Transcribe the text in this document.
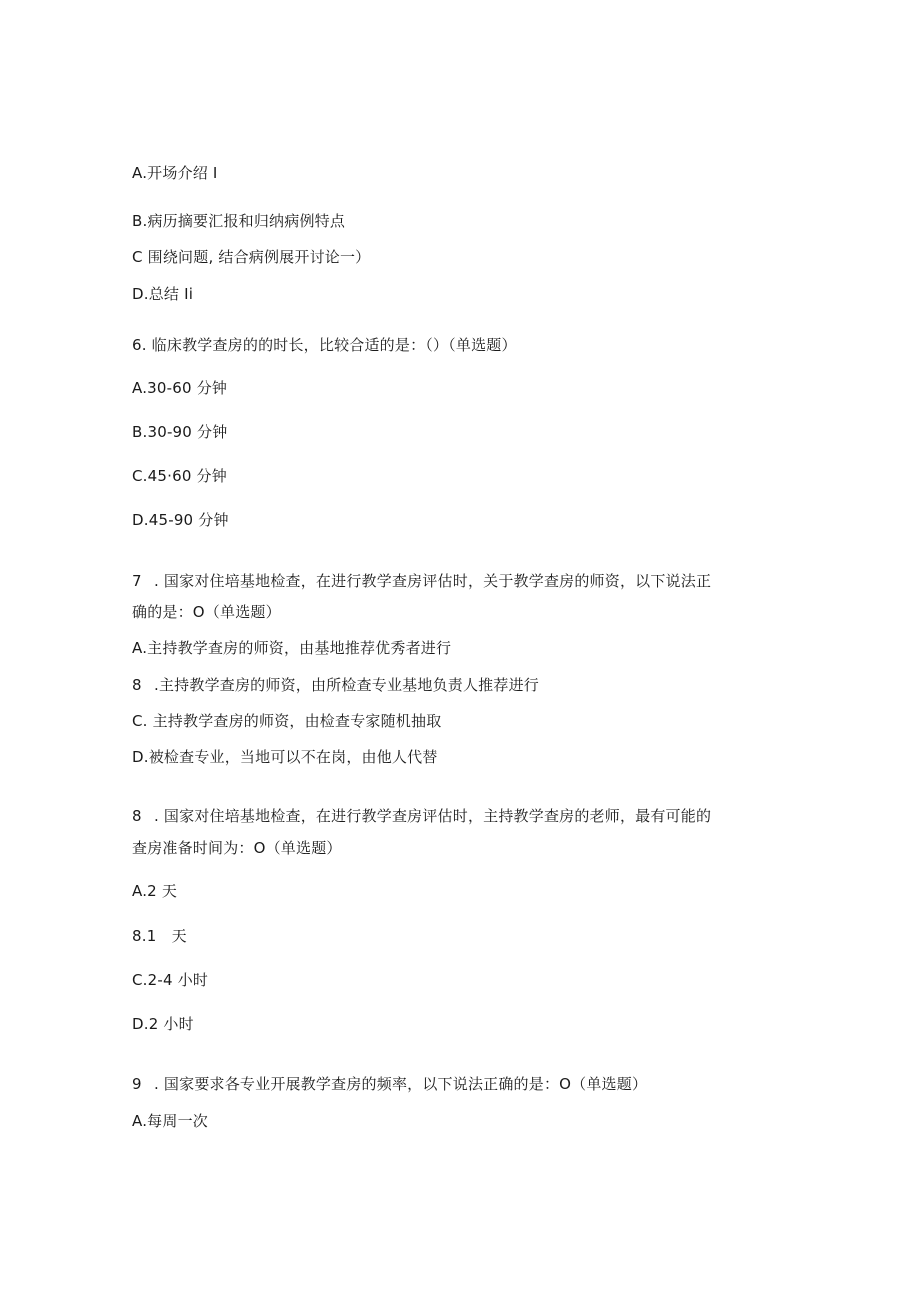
A.开场介绍 I
B.病历摘要汇报和归纳病例特点
C 围绕问题, 结合病例展开讨论一）
D.总结 Ii
6. 临床教学查房的的时长，比较合适的是：（）（单选题）
A.30-60 分钟
B.30-90 分钟
C.45·60 分钟
D.45-90 分钟
7 . 国家对住培基地检查，在进行教学查房评估时，关于教学查房的师资，以下说法正
确的是：O（单选题）
A.主持教学查房的师资，由基地推荐优秀者进行
8 .主持教学查房的师资，由所检查专业基地负责人推荐进行
C. 主持教学查房的师资，由检查专家随机抽取
D.被检查专业，当地可以不在岗，由他人代替
8 . 国家对住培基地检查，在进行教学查房评估时，主持教学查房的老师，最有可能的
查房准备时间为：O（单选题）
A.2 天
8.1　天
C.2-4 小时
D.2 小时
9 . 国家要求各专业开展教学查房的频率，以下说法正确的是：O（单选题）
A.每周一次
